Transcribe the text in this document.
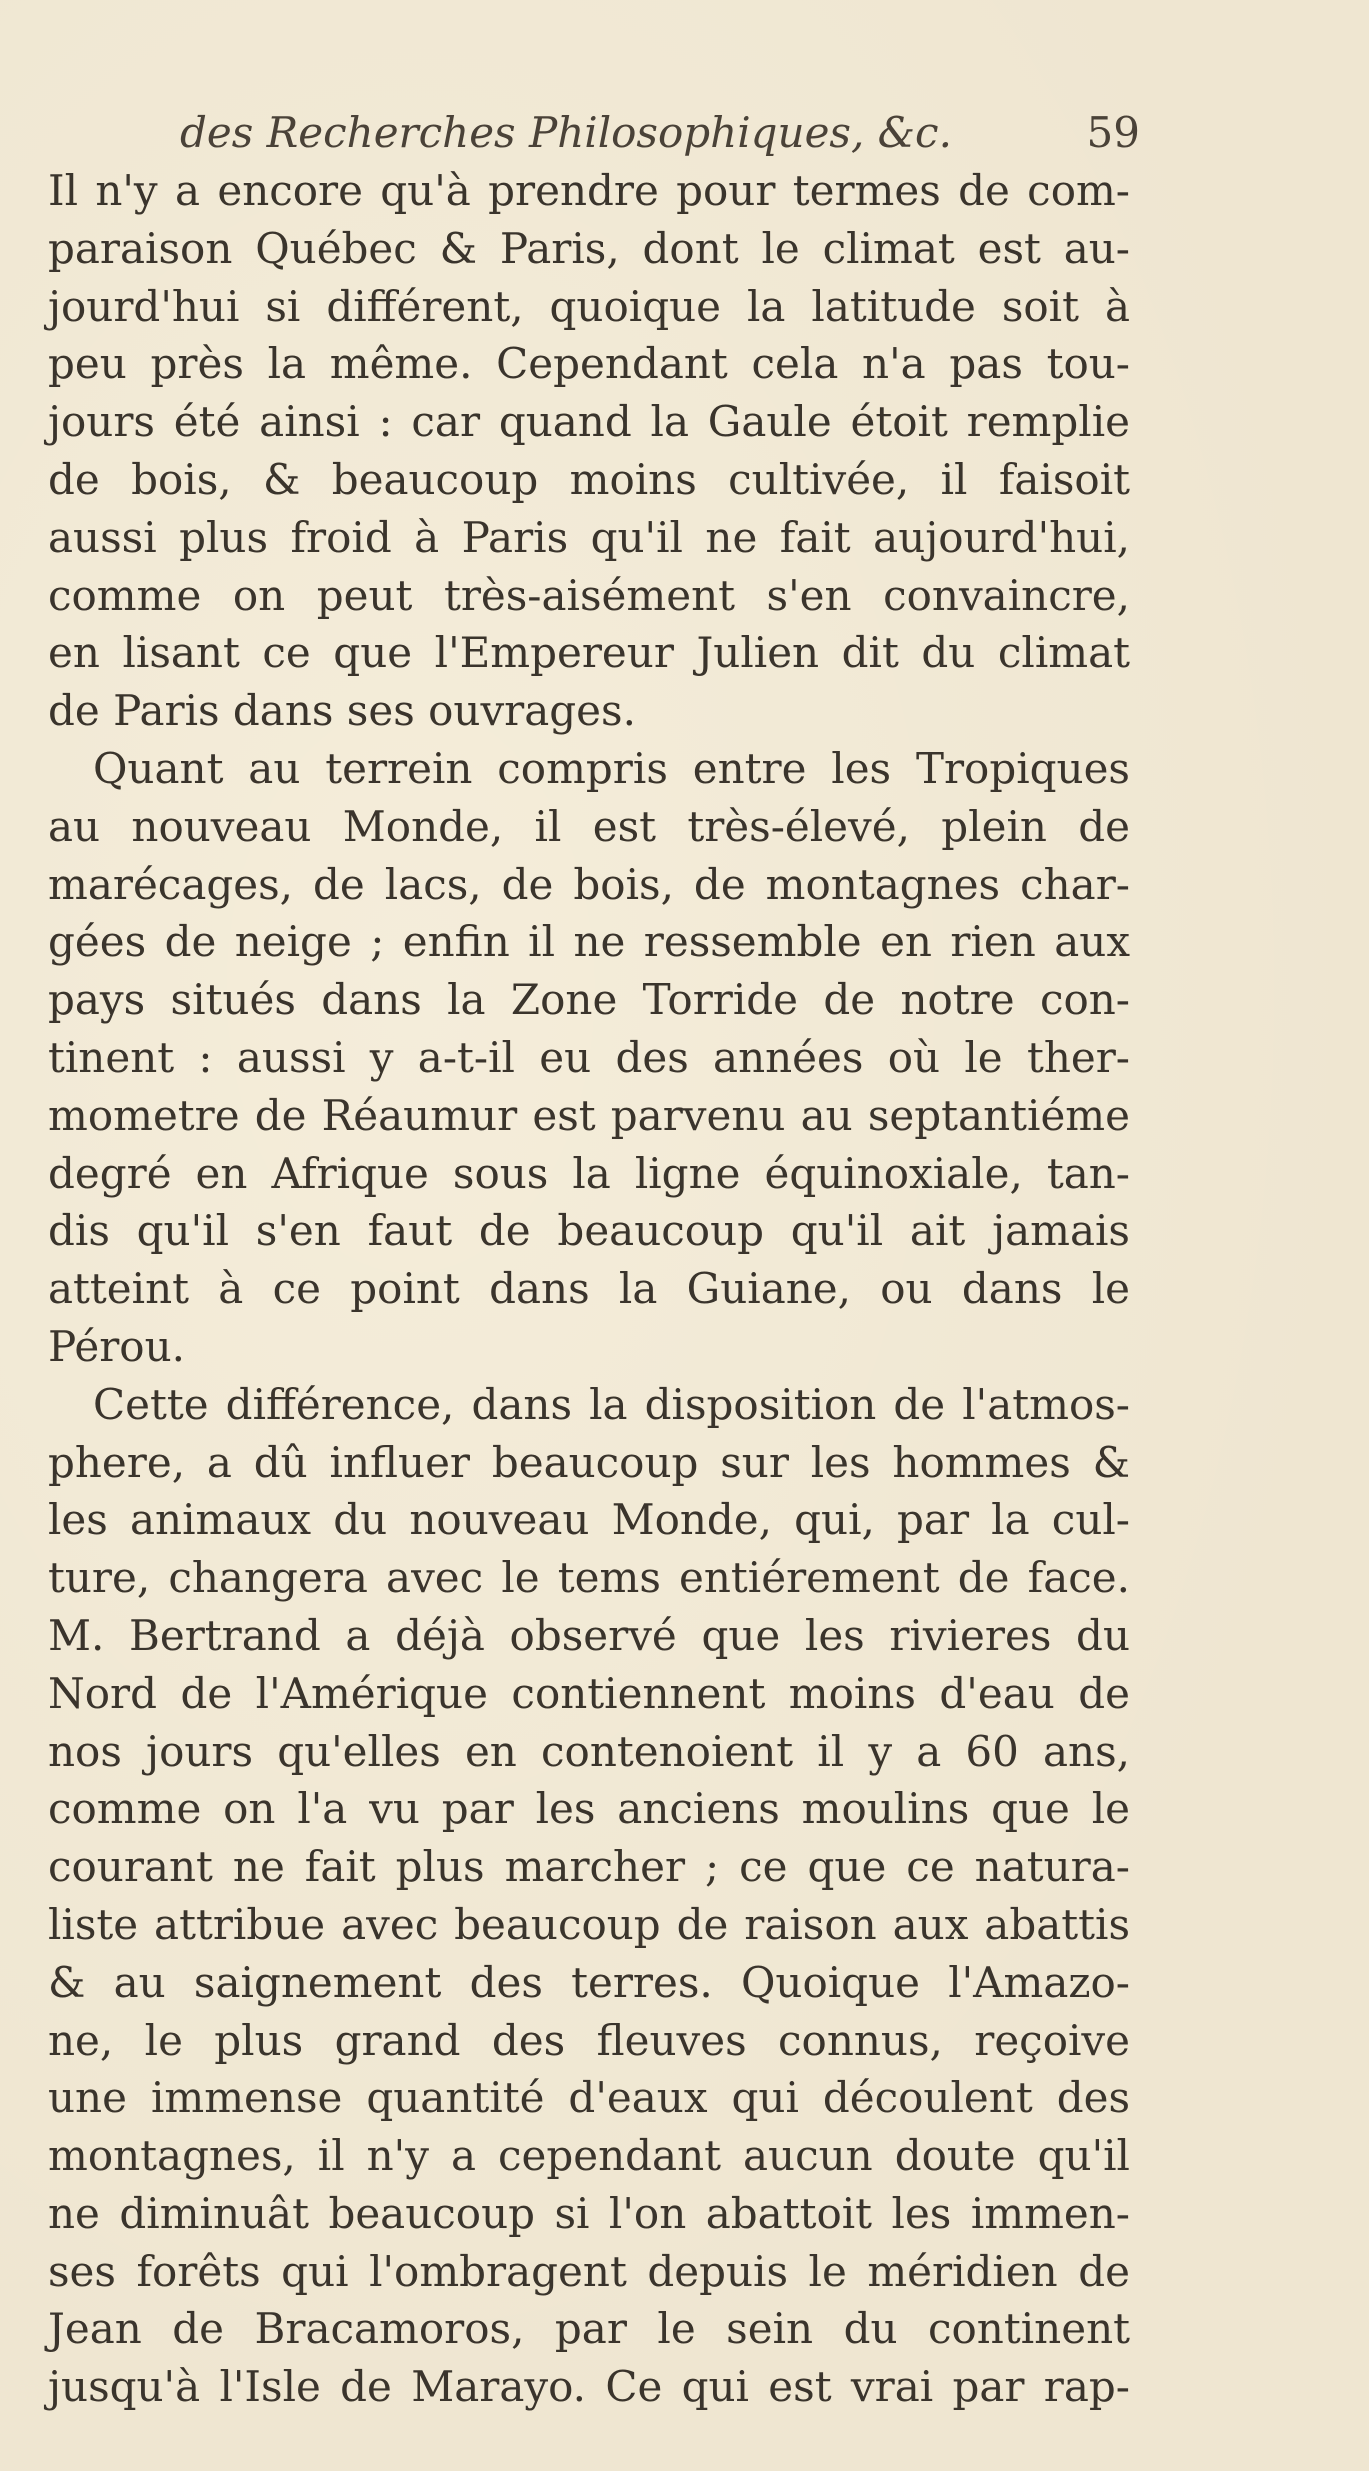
des Recherches Philosophiques, &c.	59
Il n'y a encore qu'à prendre pour termes de com-
paraison Québec & Paris, dont le climat est au-
jourd'hui si différent, quoique la latitude soit à
peu près la même. Cependant cela n'a pas tou-
jours été ainsi : car quand la Gaule étoit remplie
de bois, & beaucoup moins cultivée, il faisoit
aussi plus froid à Paris qu'il ne fait aujourd'hui,
comme on peut très-aisément s'en convaincre,
en lisant ce que l'Empereur Julien dit du climat
de Paris dans ses ouvrages.
Quant au terrein compris entre les Tropiques
au nouveau Monde, il est très-élevé, plein de
marécages, de lacs, de bois, de montagnes char-
gées de neige ; enfin il ne ressemble en rien aux
pays situés dans la Zone Torride de notre con-
tinent : aussi y a-t-il eu des années où le ther-
mometre de Réaumur est parvenu au septantiéme
degré en Afrique sous la ligne équinoxiale, tan-
dis qu'il s'en faut de beaucoup qu'il ait jamais
atteint à ce point dans la Guiane, ou dans le
Pérou.
Cette différence, dans la disposition de l'atmos-
phere, a dû influer beaucoup sur les hommes &
les animaux du nouveau Monde, qui, par la cul-
ture, changera avec le tems entiérement de face.
M. Bertrand a déjà observé que les rivieres du
Nord de l'Amérique contiennent moins d'eau de
nos jours qu'elles en contenoient il y a 60 ans,
comme on l'a vu par les anciens moulins que le
courant ne fait plus marcher ; ce que ce natura-
liste attribue avec beaucoup de raison aux abattis
& au saignement des terres. Quoique l'Amazo-
ne, le plus grand des fleuves connus, reçoive
une immense quantité d'eaux qui découlent des
montagnes, il n'y a cependant aucun doute qu'il
ne diminuât beaucoup si l'on abattoit les immen-
ses forêts qui l'ombragent depuis le méridien de
Jean de Bracamoros, par le sein du continent
jusqu'à l'Isle de Marayo. Ce qui est vrai par rap-
